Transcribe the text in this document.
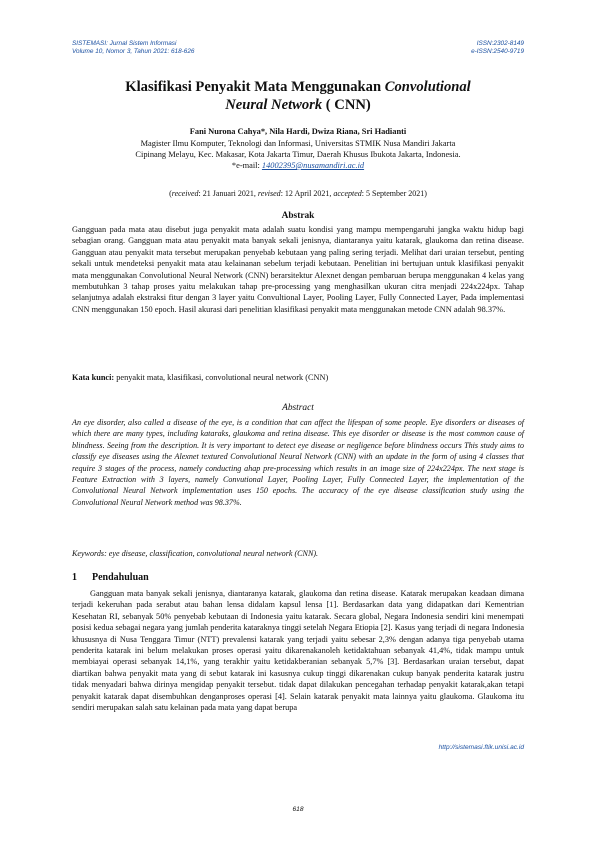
SISTEMASI: Jurnal Sistem Informasi
Volume 10, Nomor 3, Tahun 2021: 618-626
ISSN:2302-8149
e-ISSN:2540-9719
Klasifikasi Penyakit Mata Menggunakan Convolutional
Neural Network ( CNN)
Fani Nurona Cahya*, Nila Hardi, Dwiza Riana, Sri Hadianti
Magister Ilmu Komputer, Teknologi dan Informasi, Universitas STMIK Nusa Mandiri Jakarta
Cipinang Melayu, Kec. Makasar, Kota Jakarta Timur, Daerah Khusus Ibukota Jakarta, Indonesia.
*e-mail: 14002395@nusamandiri.ac.id
(received: 21 Januari 2021, revised: 12 April 2021, accepted: 5 September 2021)
Abstrak
Gangguan pada mata atau disebut juga penyakit mata adalah suatu kondisi yang mampu mempengaruhi jangka waktu hidup bagi sebagian orang. Gangguan mata atau penyakit mata banyak sekali jenisnya, diantaranya yaitu katarak, glaukoma dan retina disease. Gangguan atau penyakit mata tersebut merupakan penyebab kebutaan yang paling sering terjadi. Melihat dari uraian tersebut, penting sekali untuk mendeteksi penyakit mata atau kelainanan sebelum terjadi kebutaan. Penelitian ini bertujuan untuk klasifikasi penyakit mata menggunakan Convolutional Neural Network (CNN) berarsitektur Alexnet dengan pembaruan berupa menggunakan 4 kelas yang membutuhkan 3 tahap proses yaitu melakukan tahap pre-processing yang menghasilkan ukuran citra menjadi 224x224px. Tahap selanjutnya adalah ekstraksi fitur dengan 3 layer yaitu Convultional Layer, Pooling Layer, Fully Connected Layer, Pada implementasi CNN menggunakan 150 epoch. Hasil akurasi dari penelitian klasifikasi penyakit mata menggunakan metode CNN adalah 98.37%.
Kata kunci: penyakit mata, klasifikasi, convolutional neural network (CNN)
Abstract
An eye disorder, also called a disease of the eye, is a condition that can affect the lifespan of some people. Eye disorders or diseases of which there are many types, including kataraks, glaukoma and retina disease. This eye disorder or disease is the most common cause of blindness. Seeing from the description. It is very important to detect eye disease or negligence before blindness occurs This study aims to classify eye diseases using the Alexnet textured Convolutional Neural Network (CNN) with an update in the form of using 4 classes that require 3 stages of the process, namely conducting ahap pre-processing which results in an image size of 224x224px. The next stage is Feature Extraction with 3 layers, namely Convutional Layer, Pooling Layer, Fully Connected Layer, the implementation of the Convolutional Neural Network implementation uses 150 epochs. The accuracy of the eye disease classification study using the Convolutional Neural Network method was 98.37%.
Keywords: eye disease, classification, convolutional neural network (CNN).
1 Pendahuluan
Gangguan mata banyak sekali jenisnya, diantaranya katarak, glaukoma dan retina disease. Katarak merupakan keadaan dimana terjadi kekeruhan pada serabut atau bahan lensa didalam kapsul lensa [1]. Berdasarkan data yang didapatkan dari Kementrian Kesehatan RI, sebanyak 50% penyebab kebutaan di Indonesia yaitu katarak. Secara global, Negara Indonesia sendiri kini menempati posisi kedua sebagai negara yang jumlah penderita kataraknya tinggi setelah Negara Etiopia [2]. Kasus yang terjadi di negara Indonesia khususnya di Nusa Tenggara Timur (NTT) prevalensi katarak yang terjadi yaitu sebesar 2,3% dengan adanya tiga penyebab utama penderita katarak ini belum melakukan proses operasi yaitu dikarenakanoleh ketidaktahuan sebanyak 41,4%, tidak mampu untuk membiayai operasi sebanyak 14,1%, yang terakhir yaitu ketidakberanian sebanyak 5,7% [3]. Berdasarkan uraian tersebut, dapat diartikan bahwa penyakit mata yang di sebut katarak ini kasusnya cukup tinggi dikarenakan cukup banyak penderita katarak justru tidak menyadari bahwa dirinya mengidap penyakit tersebut. tidak dapat dilakukan pencegahan terhadap penyakit katarak,akan tetapi penyakit katarak dapat disembuhkan denganproses operasi [4]. Selain katarak penyakit mata lainnya yaitu glaukoma. Glaukoma itu sendiri merupakan salah satu kelainan pada mata yang dapat berupa
http://sistemasi.ftik.unisi.ac.id
618
